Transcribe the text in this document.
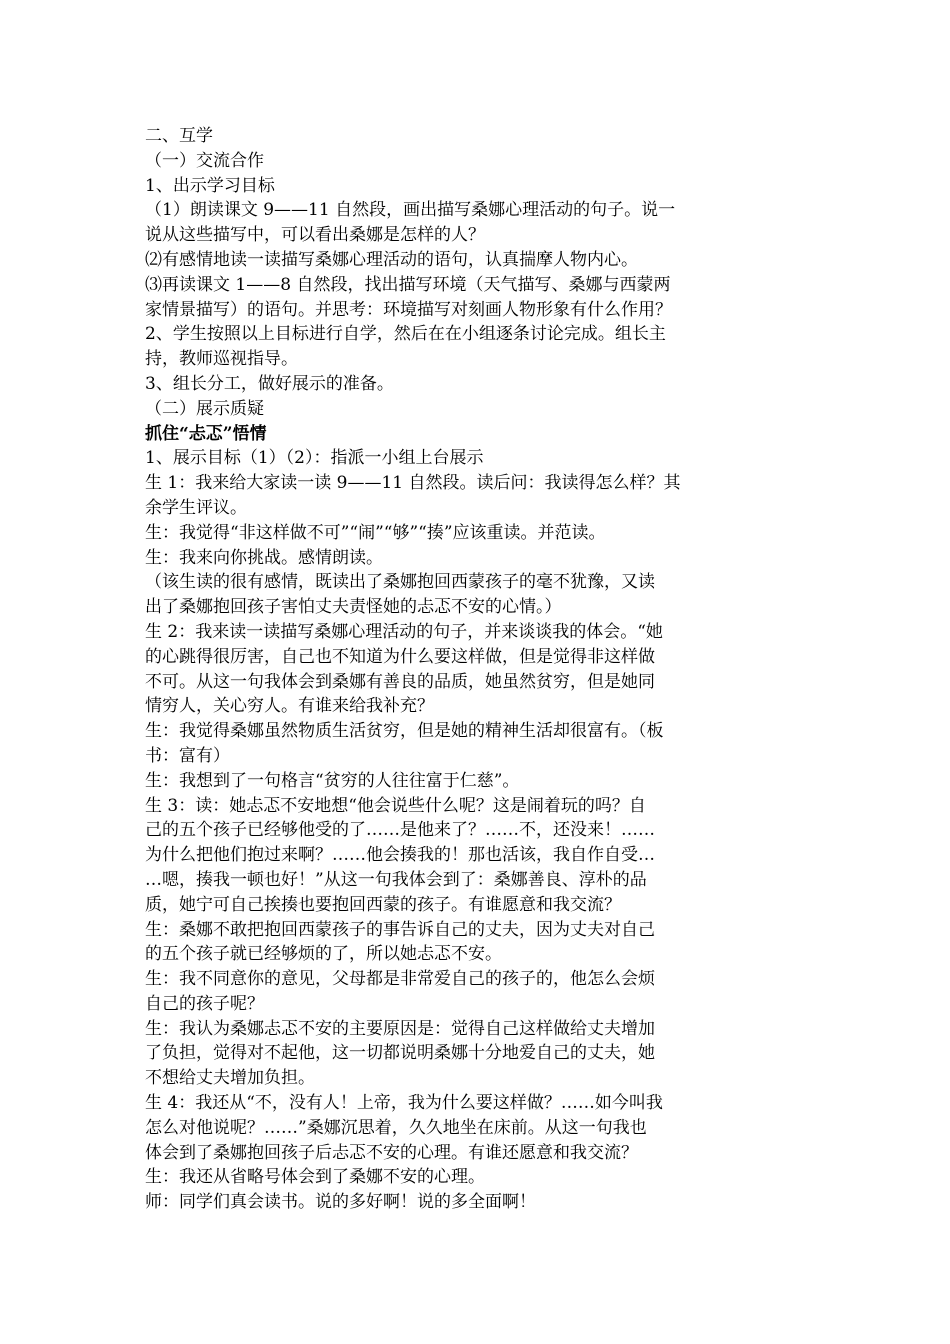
二、互学
（一）交流合作
1、出示学习目标
（1）朗读课文 9——11 自然段，画出描写桑娜心理活动的句子。说一
说从这些描写中，可以看出桑娜是怎样的人？
⑵有感情地读一读描写桑娜心理活动的语句，认真揣摩人物内心。
⑶再读课文 1——8 自然段，找出描写环境（天气描写、桑娜与西蒙两
家情景描写）的语句。并思考：环境描写对刻画人物形象有什么作用？
2、学生按照以上目标进行自学，然后在在小组逐条讨论完成。组长主
持，教师巡视指导。
3、组长分工，做好展示的准备。
（二）展示质疑
抓住“忐忑”悟情
1、展示目标（1）（2）：指派一小组上台展示
生 1：我来给大家读一读 9——11 自然段。读后问：我读得怎么样？其
余学生评议。
生：我觉得“非这样做不可”“闹”“够”“揍”应该重读。并范读。
生：我来向你挑战。感情朗读。
（该生读的很有感情，既读出了桑娜抱回西蒙孩子的毫不犹豫，又读
出了桑娜抱回孩子害怕丈夫责怪她的忐忑不安的心情。）
生 2：我来读一读描写桑娜心理活动的句子，并来谈谈我的体会。“她
的心跳得很厉害，自己也不知道为什么要这样做，但是觉得非这样做
不可。从这一句我体会到桑娜有善良的品质，她虽然贫穷，但是她同
情穷人，关心穷人。有谁来给我补充？
生：我觉得桑娜虽然物质生活贫穷，但是她的精神生活却很富有。（板
书：富有）
生：我想到了一句格言“贫穷的人往往富于仁慈”。
生 3：读：她忐忑不安地想“他会说些什么呢？这是闹着玩的吗？自
己的五个孩子已经够他受的了……是他来了？……不，还没来！……
为什么把他们抱过来啊？……他会揍我的！那也活该，我自作自受…
…嗯，揍我一顿也好！”从这一句我体会到了：桑娜善良、淳朴的品
质，她宁可自己挨揍也要抱回西蒙的孩子。有谁愿意和我交流？
生：桑娜不敢把抱回西蒙孩子的事告诉自己的丈夫，因为丈夫对自己
的五个孩子就已经够烦的了，所以她忐忑不安。
生：我不同意你的意见，父母都是非常爱自己的孩子的，他怎么会烦
自己的孩子呢？
生：我认为桑娜忐忑不安的主要原因是：觉得自己这样做给丈夫增加
了负担，觉得对不起他，这一切都说明桑娜十分地爱自己的丈夫，她
不想给丈夫增加负担。
生 4：我还从“不，没有人！上帝，我为什么要这样做？……如今叫我
怎么对他说呢？……”桑娜沉思着，久久地坐在床前。从这一句我也
体会到了桑娜抱回孩子后忐忑不安的心理。有谁还愿意和我交流？
生：我还从省略号体会到了桑娜不安的心理。
师：同学们真会读书。说的多好啊！说的多全面啊！
